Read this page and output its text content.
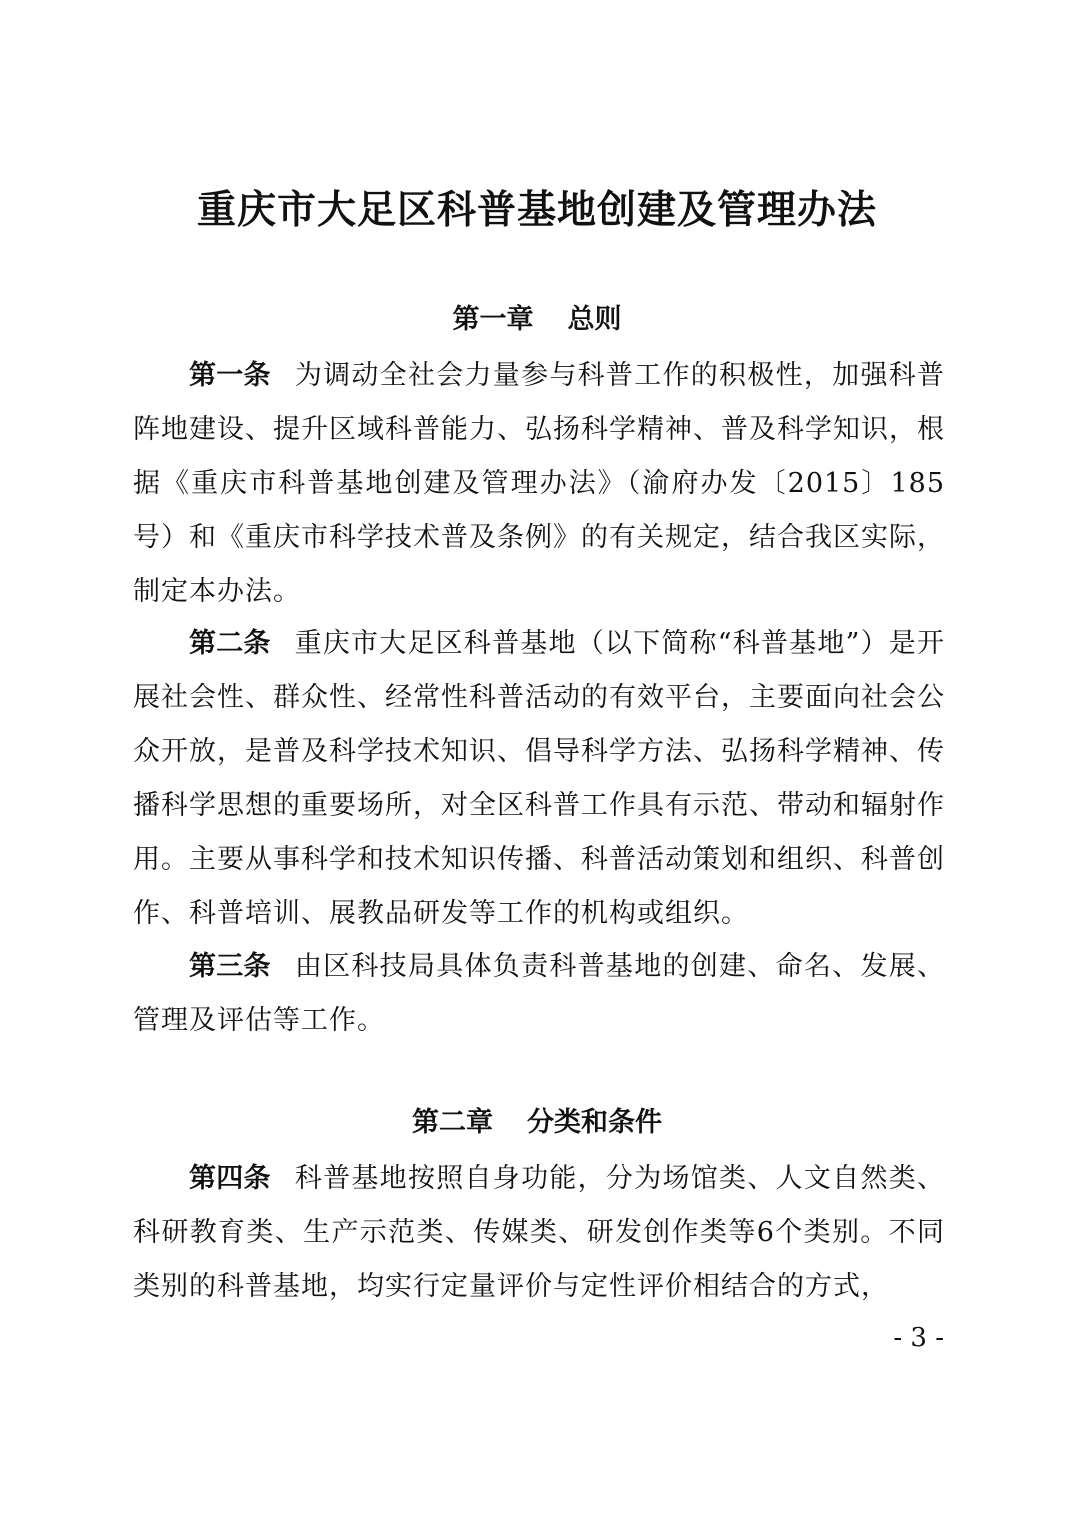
重庆市大足区科普基地创建及管理办法
第一章 总则

第一条 为调动全社会力量参与科普工作的积极性，加强科普阵地建设、提升区域科普能力、弘扬科学精神、普及科学知识，根据《重庆市科普基地创建及管理办法》（渝府办发〔2015〕185号）和《重庆市科学技术普及条例》的有关规定，结合我区实际，制定本办法。

第二条 重庆市大足区科普基地（以下简称“科普基地”）是开展社会性、群众性、经常性科普活动的有效平台，主要面向社会公众开放，是普及科学技术知识、倡导科学方法、弘扬科学精神、传播科学思想的重要场所，对全区科普工作具有示范、带动和辐射作用。主要从事科学和技术知识传播、科普活动策划和组织、科普创作、科普培训、展教品研发等工作的机构或组织。

第三条 由区科技局具体负责科普基地的创建、命名、发展、管理及评估等工作。

第二章 分类和条件

第四条 科普基地按照自身功能，分为场馆类、人文自然类、科研教育类、生产示范类、传媒类、研发创作类等6个类别。不同类别的科普基地，均实行定量评价与定性评价相结合的方式，

- 3 -
